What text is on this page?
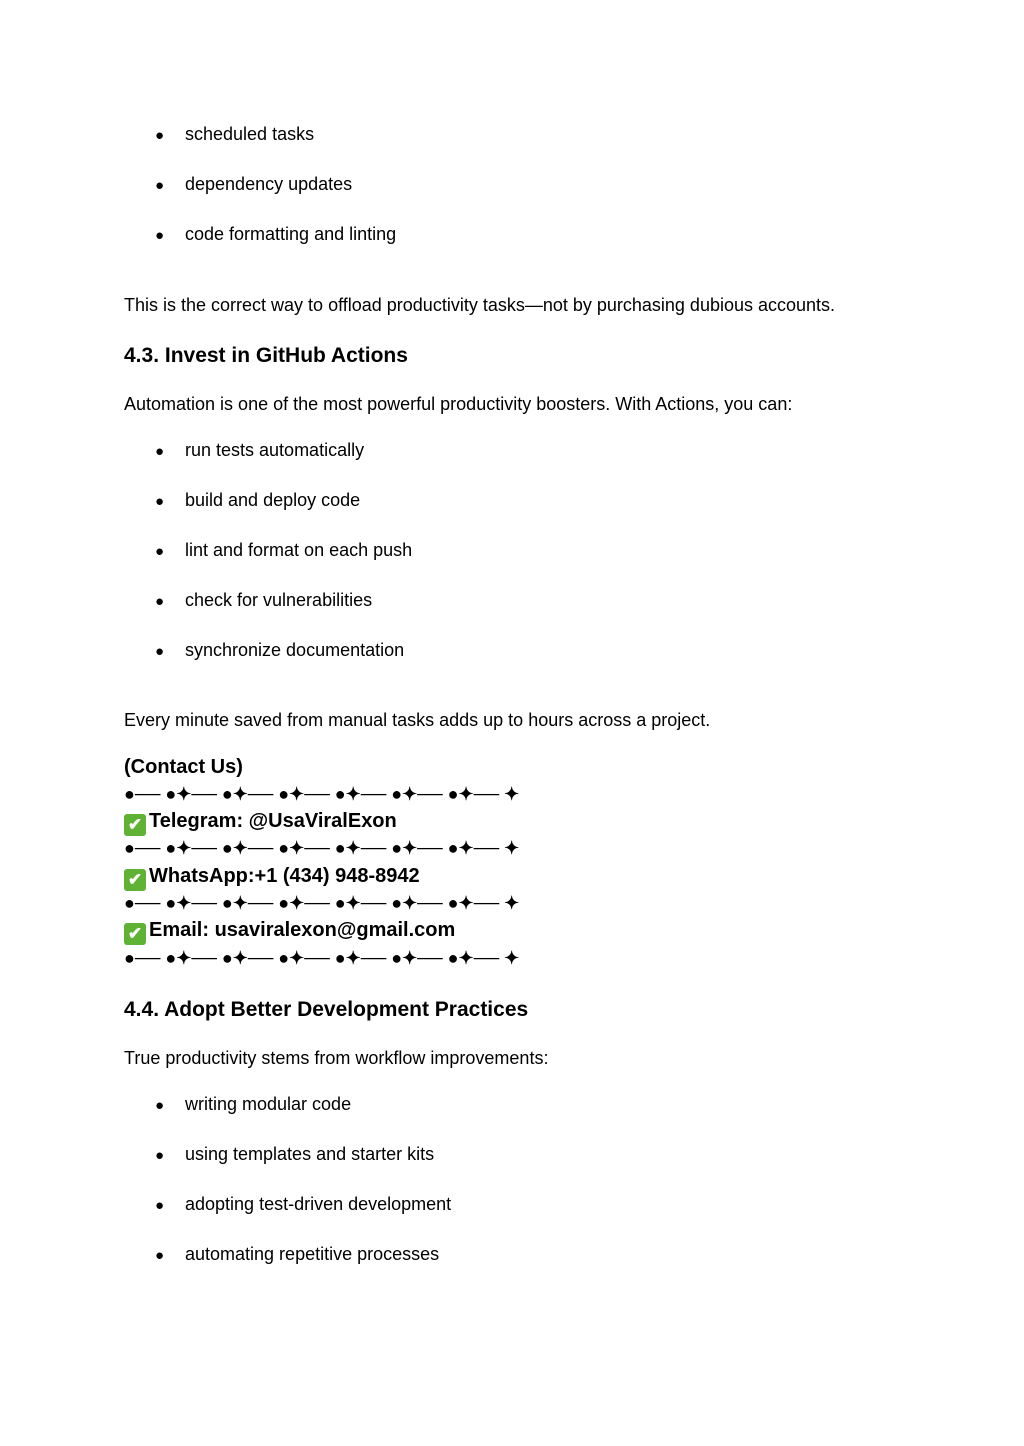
● scheduled tasks
● dependency updates
● code formatting and linting
This is the correct way to offload productivity tasks—not by purchasing dubious accounts.
4.3. Invest in GitHub Actions
Automation is one of the most powerful productivity boosters. With Actions, you can:
● run tests automatically
● build and deploy code
● lint and format on each push
● check for vulnerabilities
● synchronize documentation
Every minute saved from manual tasks adds up to hours across a project.
(Contact Us)
●── ●✦── ●✦── ●✦── ●✦── ●✦── ●✦── ✦
✔ Telegram: @UsaViralExon
●── ●✦── ●✦── ●✦── ●✦── ●✦── ●✦── ✦
✔ WhatsApp:+1 (434) 948-8942
●── ●✦── ●✦── ●✦── ●✦── ●✦── ●✦── ✦
✔ Email: usaviralexon@gmail.com
●── ●✦── ●✦── ●✦── ●✦── ●✦── ●✦── ✦
4.4. Adopt Better Development Practices
True productivity stems from workflow improvements:
● writing modular code
● using templates and starter kits
● adopting test-driven development
● automating repetitive processes
